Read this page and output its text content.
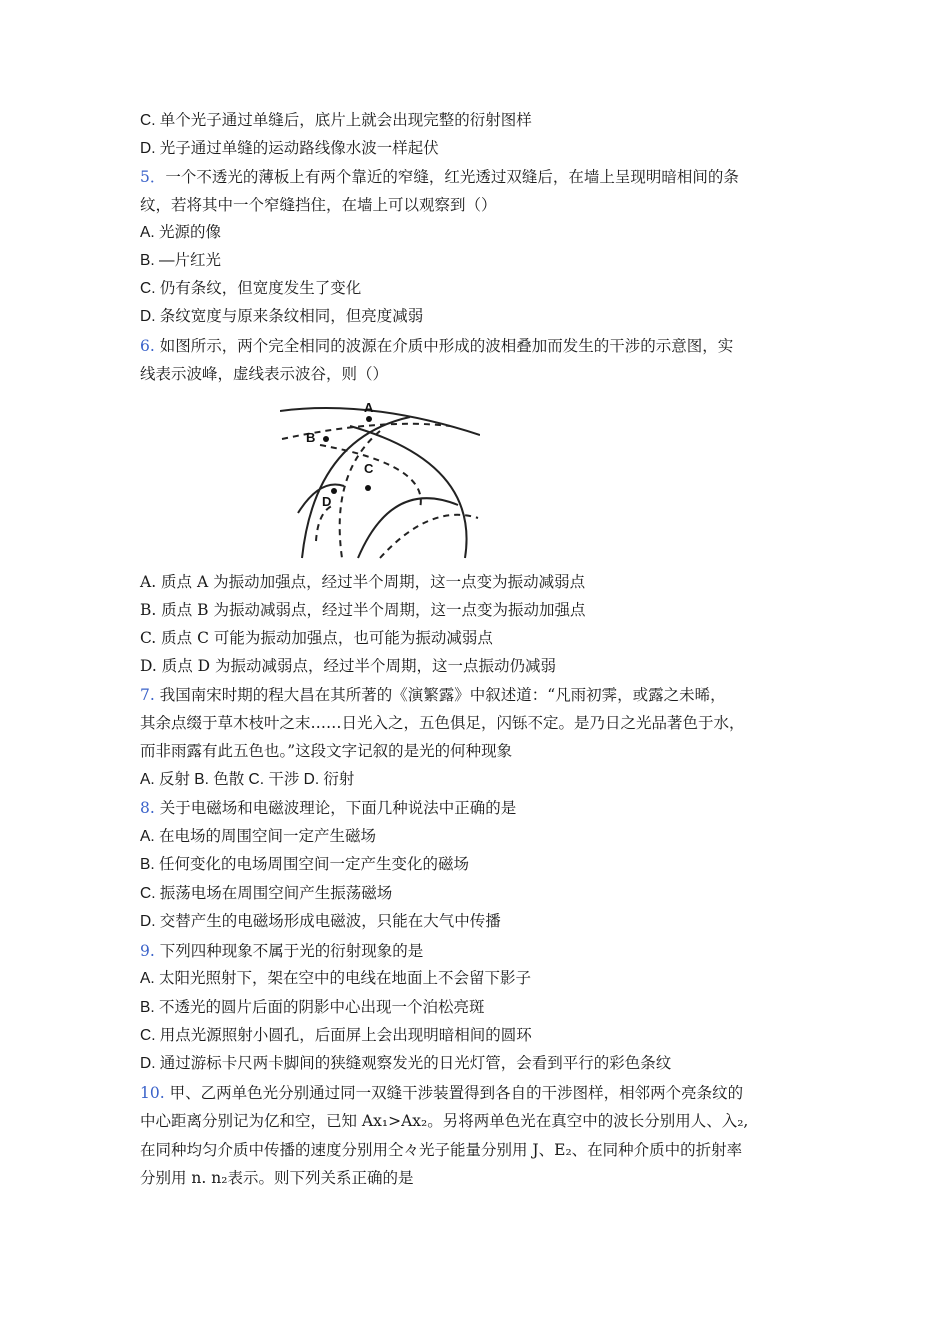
C. 单个光子通过单缝后，底片上就会出现完整的衍射图样
D. 光子通过单缝的运动路线像水波一样起伏
5．一个不透光的薄板上有两个靠近的窄缝，红光透过双缝后，在墙上呈现明暗相间的条
纹，若将其中一个窄缝挡住，在墙上可以观察到（）
A. 光源的像
B. —片红光
C. 仍有条纹，但宽度发生了变化
D. 条纹宽度与原来条纹相同，但亮度减弱
6. 如图所示，两个完全相同的波源在介质中形成的波相叠加而发生的干涉的示意图，实
线表示波峰，虚线表示波谷，则（）
A
B
C
D
A. 质点 A 为振动加强点，经过半个周期，这一点变为振动减弱点
B. 质点 B 为振动减弱点，经过半个周期，这一点变为振动加强点
C. 质点 C 可能为振动加强点，也可能为振动减弱点
D. 质点 D 为振动减弱点，经过半个周期，这一点振动仍减弱
7. 我国南宋时期的程大昌在其所著的《演繁露》中叙述道：“凡雨初霁，或露之未晞，
其余点缀于草木枝叶之末……日光入之，五色俱足，闪铄不定。是乃日之光品著色于水，
而非雨露有此五色也。”这段文字记叙的是光的何种现象
A. 反射 B. 色散 C. 干涉 D. 衍射
8. 关于电磁场和电磁波理论，下面几种说法中正确的是
A. 在电场的周围空间一定产生磁场
B. 任何变化的电场周围空间一定产生变化的磁场
C. 振荡电场在周围空间产生振荡磁场
D. 交替产生的电磁场形成电磁波，只能在大气中传播
9. 下列四种现象不属于光的衍射现象的是
A. 太阳光照射下，架在空中的电线在地面上不会留下影子
B. 不透光的圆片后面的阴影中心出现一个泊松亮斑
C. 用点光源照射小圆孔，后面屏上会出现明暗相间的圆环
D. 通过游标卡尺两卡脚间的狭缝观察发光的日光灯管，会看到平行的彩色条纹
10. 甲、乙两单色光分别通过同一双缝干涉装置得到各自的干涉图样，相邻两个亮条纹的
中心距离分别记为亿和空，已知 Ax₁>Ax₂。另将两单色光在真空中的波长分别用人、入₂,
在同种均匀介质中传播的速度分别用仝々光子能量分别用 J、E₂、在同种介质中的折射率
分别用 n. n₂表示。则下列关系正确的是
